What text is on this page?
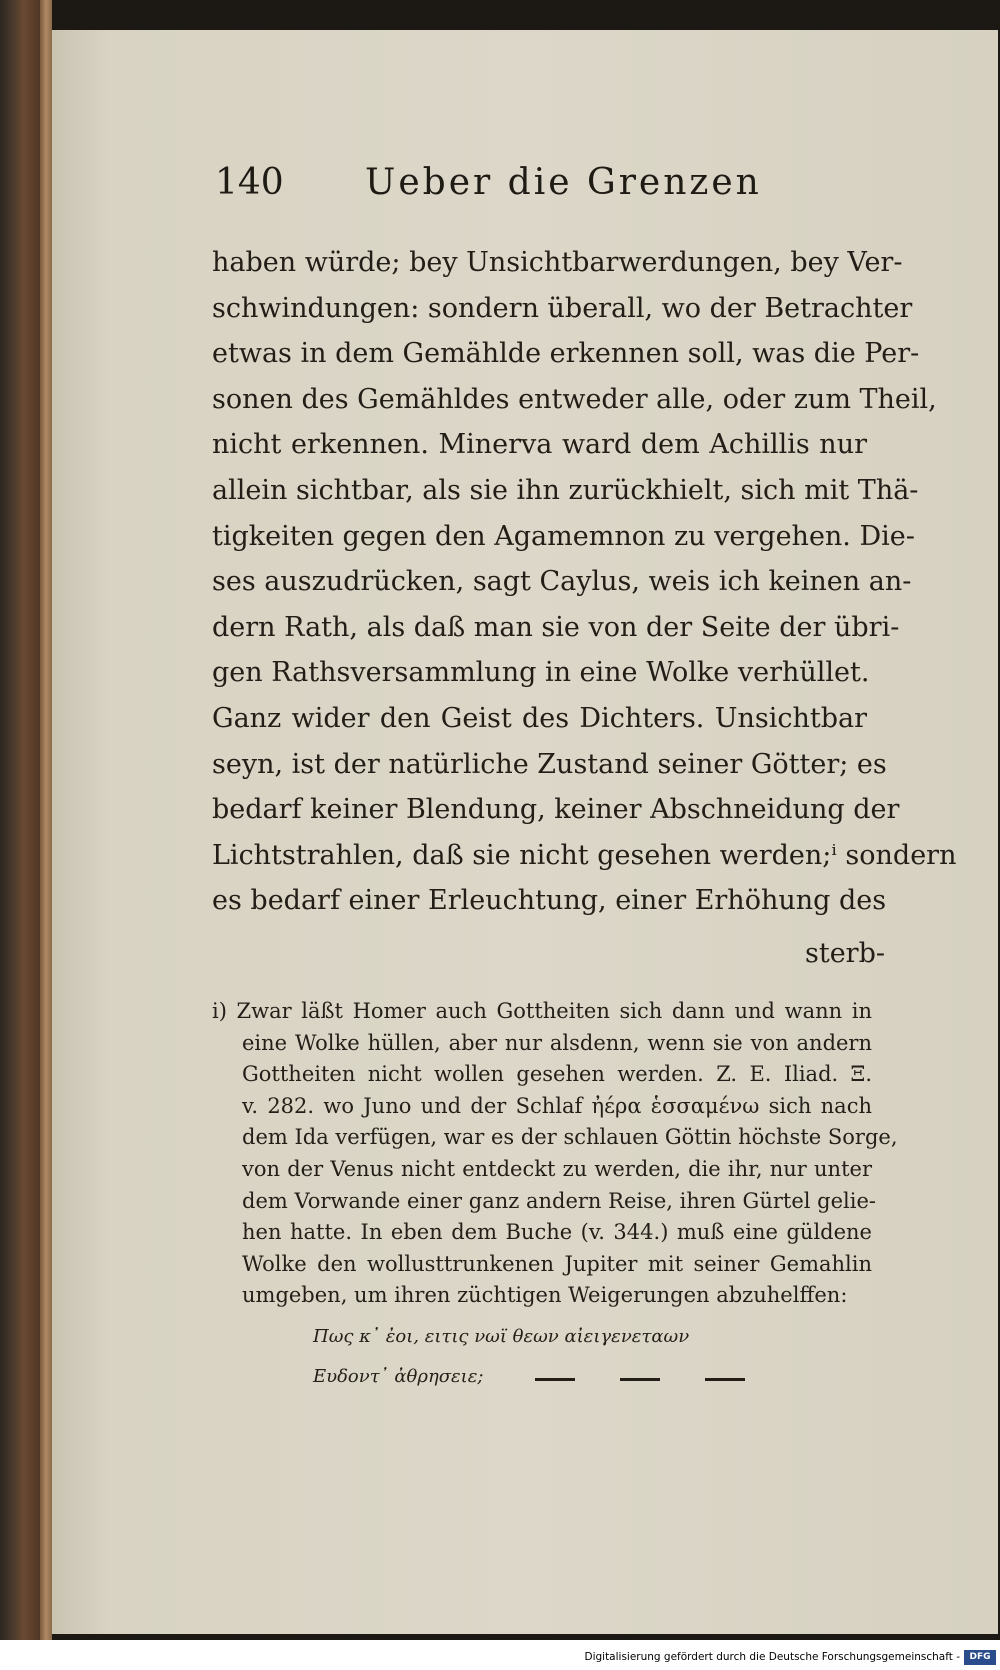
140 Ueber die Grenzen
haben würde; bey Unsichtbarwerdungen, bey Ver-
schwindungen: sondern überall, wo der Betrachter
etwas in dem Gemählde erkennen soll, was die Per-
sonen des Gemähldes entweder alle, oder zum Theil,
nicht erkennen. Minerva ward dem Achillis nur
allein sichtbar, als sie ihn zurückhielt, sich mit Thä-
tigkeiten gegen den Agamemnon zu vergehen. Die-
ses auszudrücken, sagt Caylus, weis ich keinen an-
dern Rath, als daß man sie von der Seite der übri-
gen Rathsversammlung in eine Wolke verhüllet.
Ganz wider den Geist des Dichters. Unsichtbar
seyn, ist der natürliche Zustand seiner Götter; es
bedarf keiner Blendung, keiner Abschneidung der
Lichtstrahlen, daß sie nicht gesehen werden;ⁱ sondern
es bedarf einer Erleuchtung, einer Erhöhung des
sterb-
i) Zwar läßt Homer auch Gottheiten sich dann und wann in
eine Wolke hüllen, aber nur alsdenn, wenn sie von andern
Gottheiten nicht wollen gesehen werden. Z. E. Iliad. Ξ.
v. 282. wo Juno und der Schlaf ἠέρα ἑσσαμένω sich nach
dem Ida verfügen, war es der schlauen Göttin höchste Sorge,
von der Venus nicht entdeckt zu werden, die ihr, nur unter
dem Vorwande einer ganz andern Reise, ihren Gürtel gelie-
hen hatte. In eben dem Buche (v. 344.) muß eine güldene
Wolke den wollusttrunkenen Jupiter mit seiner Gemahlin
umgeben, um ihren züchtigen Weigerungen abzuhelffen:
Πως κ᾽ ἐοι, ειτις νωϊ θεων αἰειγενεταων
Ευδοντ᾽ ἀθρησειε;
Digitalisierung gefördert durch die Deutsche Forschungsgemeinschaft -	DFG
